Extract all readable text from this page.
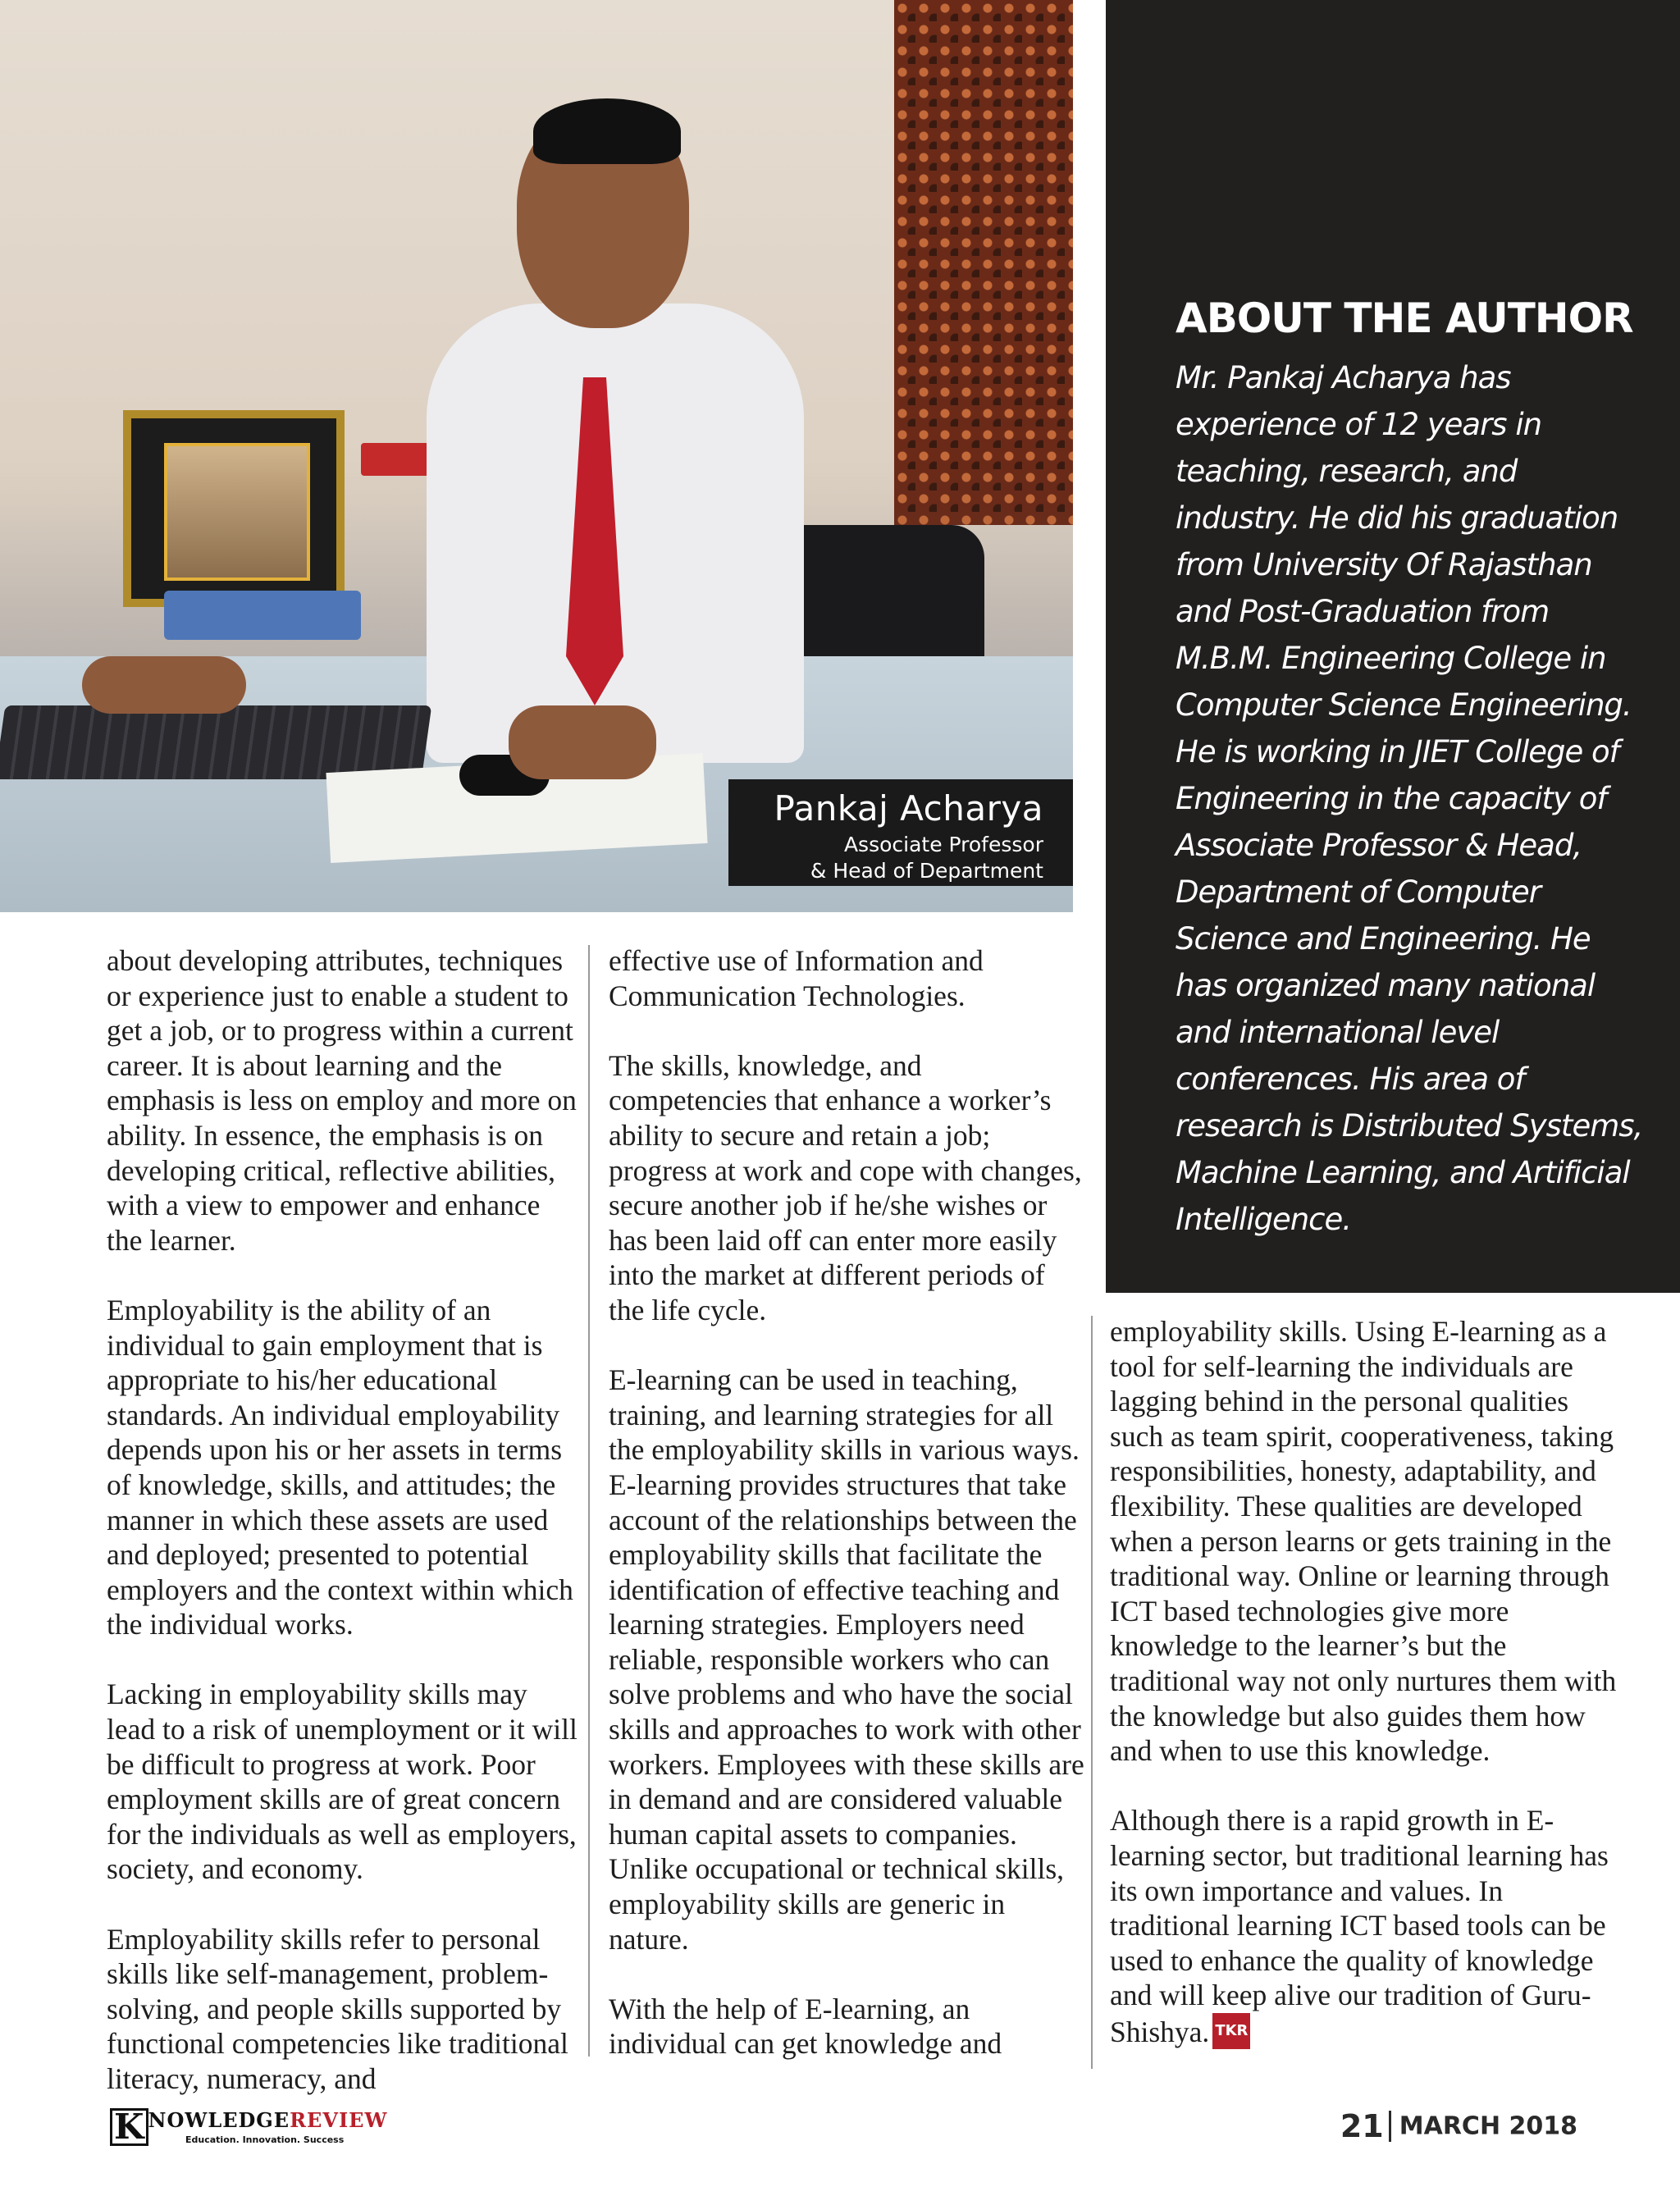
Pankaj Acharya
Associate Professor
& Head of Department
ABOUT THE AUTHOR

Mr. Pankaj Acharya has experience of 12 years in teaching, research, and industry. He did his graduation from University Of Rajasthan and Post-Graduation from M.B.M. Engineering College in Computer Science Engineering. He is working in JIET College of Engineering in the capacity of Associate Professor & Head, Department of Computer Science and Engineering. He has organized many national and international level conferences. His area of research is Distributed Systems, Machine Learning, and Artificial Intelligence.

about developing attributes, techniques or experience just to enable a student to get a job, or to progress within a current career. It is about learning and the emphasis is less on employ and more on ability. In essence, the emphasis is on developing critical, reflective abilities, with a view to empower and enhance the learner.

Employability is the ability of an individual to gain employment that is appropriate to his/her educational standards. An individual employability depends upon his or her assets in terms of knowledge, skills, and attitudes; the manner in which these assets are used and deployed; presented to potential employers and the context within which the individual works.

Lacking in employability skills may lead to a risk of unemployment or it will be difficult to progress at work. Poor employment skills are of great concern for the individuals as well as employers, society, and economy.

Employability skills refer to personal skills like self-management, problem-solving, and people skills supported by functional competencies like traditional literacy, numeracy, and

effective use of Information and Communication Technologies.

The skills, knowledge, and competencies that enhance a worker’s ability to secure and retain a job; progress at work and cope with changes, secure another job if he/she wishes or has been laid off can enter more easily into the market at different periods of the life cycle.

E-learning can be used in teaching, training, and learning strategies for all the employability skills in various ways. E-learning provides structures that take account of the relationships between the employability skills that facilitate the identification of effective teaching and learning strategies. Employers need reliable, responsible workers who can solve problems and who have the social skills and approaches to work with other workers. Employees with these skills are in demand and are considered valuable human capital assets to companies. Unlike occupational or technical skills, employability skills are generic in nature.

With the help of E-learning, an individual can get knowledge and

employability skills. Using E-learning as a tool for self-learning the individuals are lagging behind in the personal qualities such as team spirit, cooperativeness, taking responsibilities, honesty, adaptability, and flexibility. These qualities are developed when a person learns or gets training in the traditional way. Online or learning through ICT based technologies give more knowledge to the learner’s but the traditional way not only nurtures them with the knowledge but also guides them how and when to use this knowledge.

Although there is a rapid growth in E-learning sector, but traditional learning has its own importance and values. In traditional learning ICT based tools can be used to enhance the quality of knowledge and will keep alive our tradition of Guru-Shishya. TKR

K NOWLEDGEREVIEW
Education. Innovation. Success	21 MARCH 2018
